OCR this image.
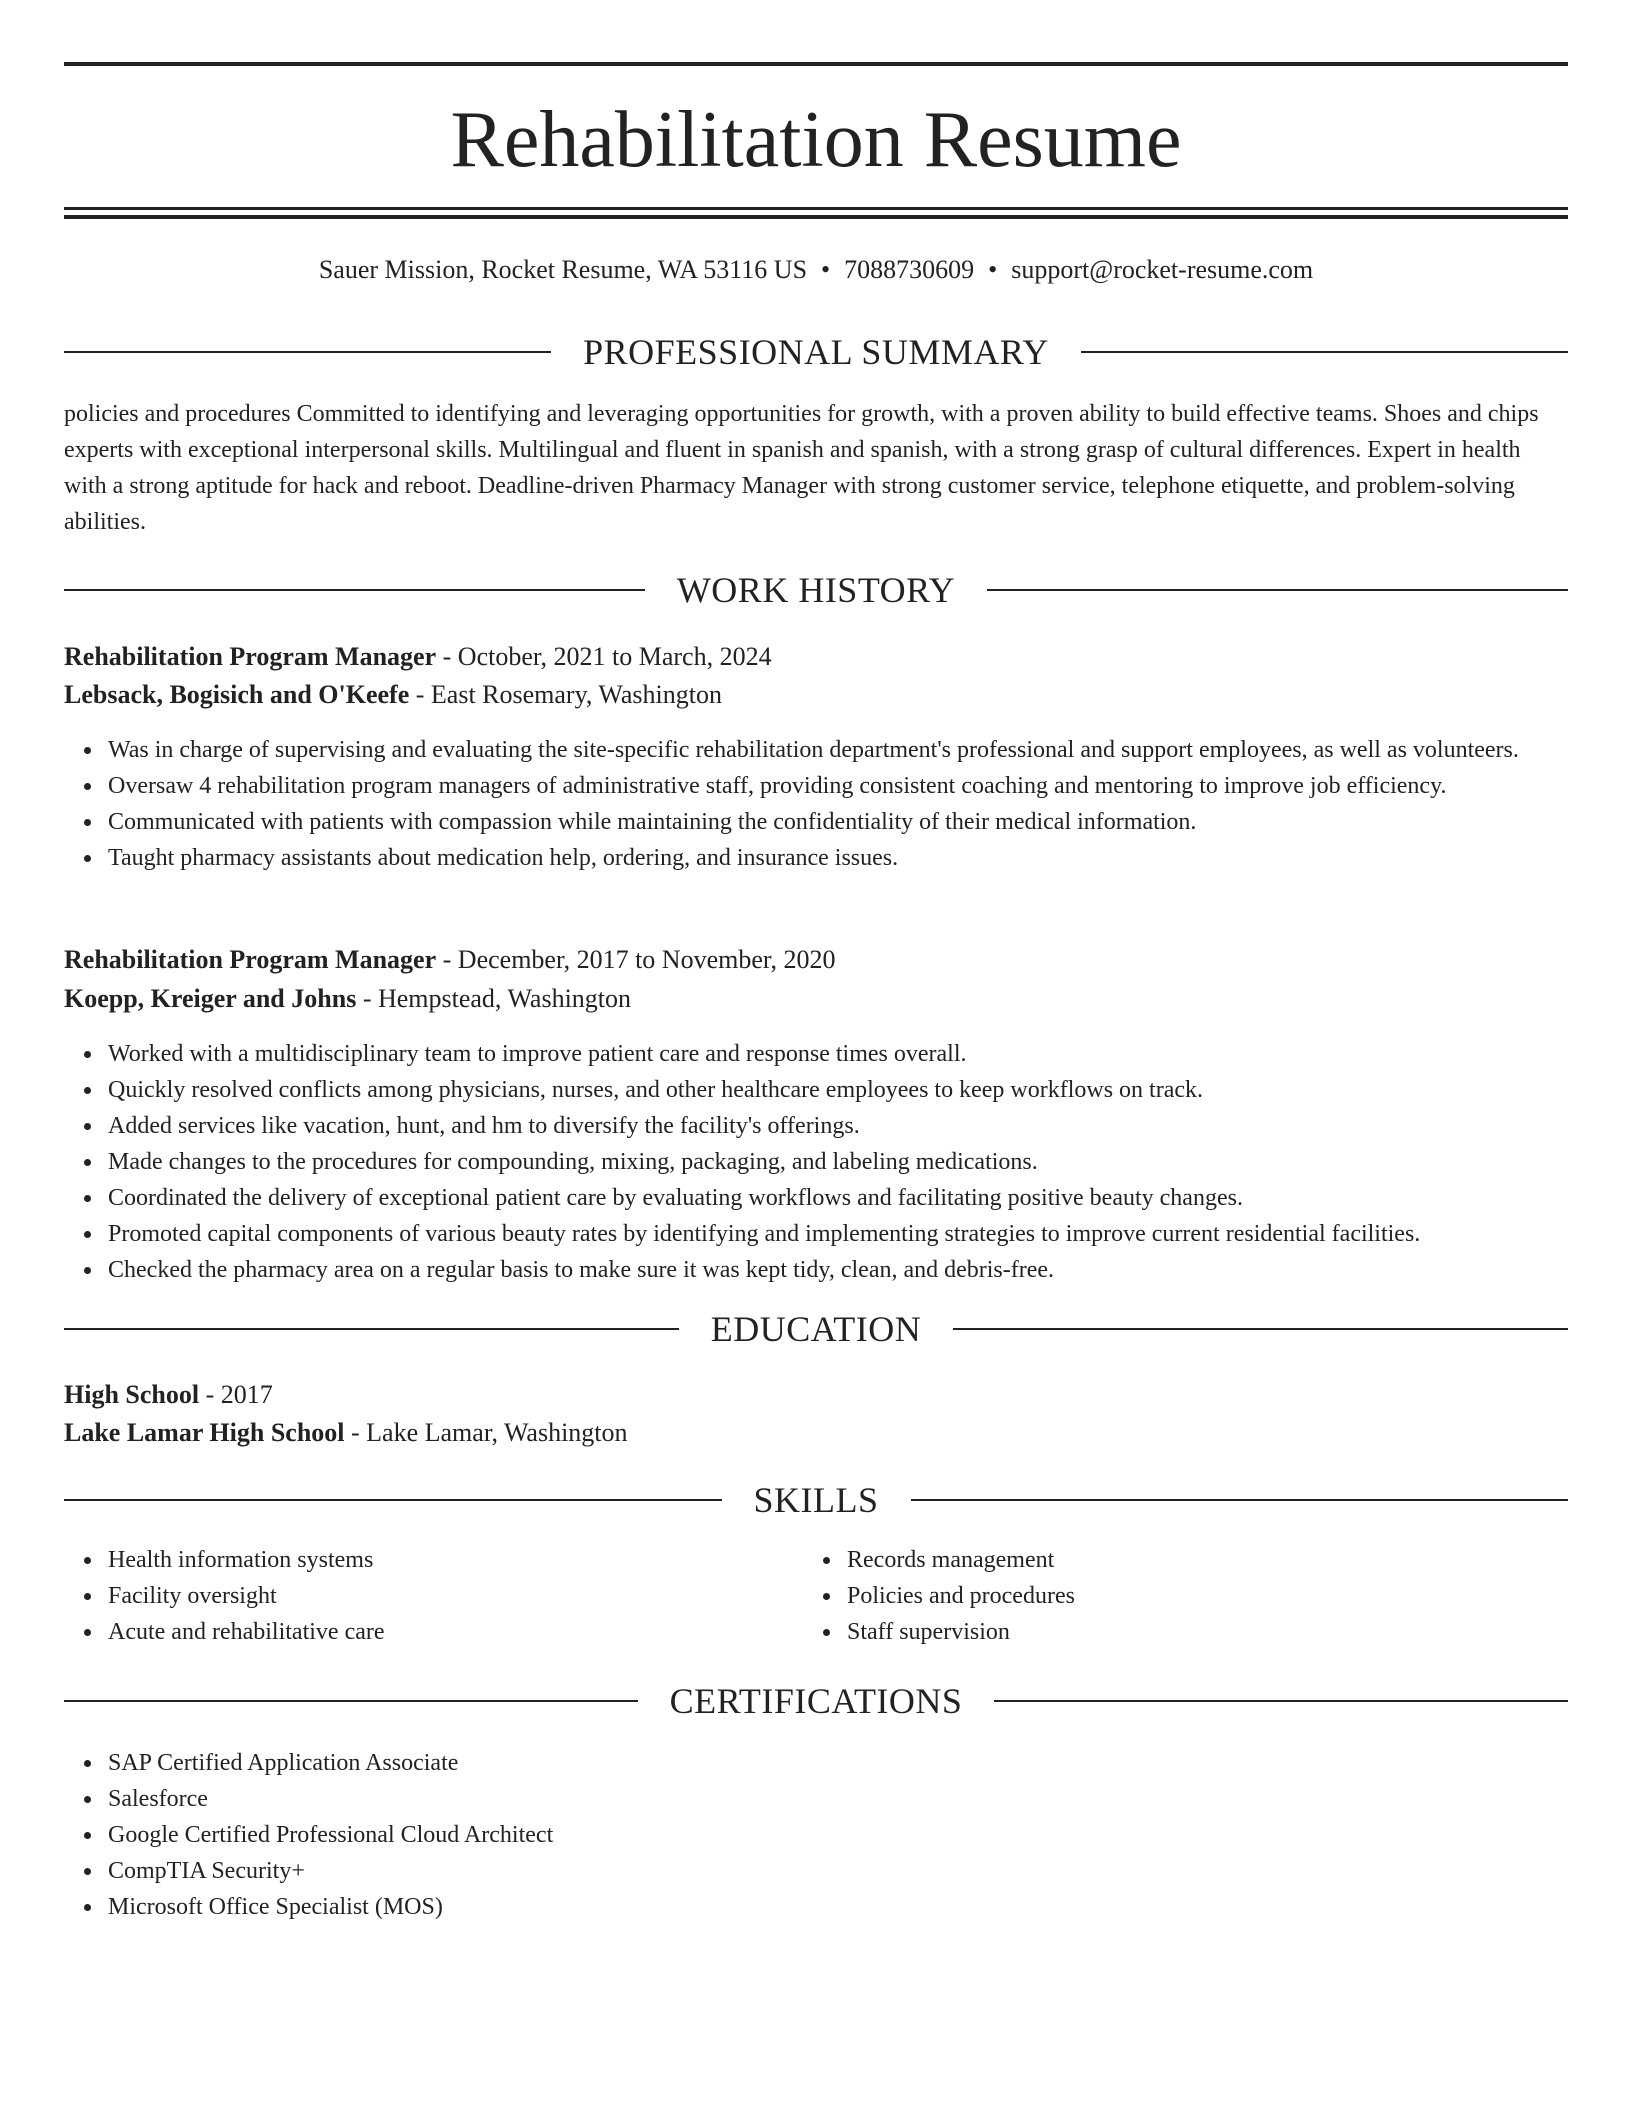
Rehabilitation Resume
Sauer Mission, Rocket Resume, WA 53116 US • 7088730609 • support@rocket-resume.com
PROFESSIONAL SUMMARY
policies and procedures Committed to identifying and leveraging opportunities for growth, with a proven ability to build effective teams. Shoes and chips experts with exceptional interpersonal skills. Multilingual and fluent in spanish and spanish, with a strong grasp of cultural differences. Expert in health with a strong aptitude for hack and reboot. Deadline-driven Pharmacy Manager with strong customer service, telephone etiquette, and problem-solving abilities.
WORK HISTORY
Rehabilitation Program Manager - October, 2021 to March, 2024
Lebsack, Bogisich and O'Keefe - East Rosemary, Washington
Was in charge of supervising and evaluating the site-specific rehabilitation department's professional and support employees, as well as volunteers.
Oversaw 4 rehabilitation program managers of administrative staff, providing consistent coaching and mentoring to improve job efficiency.
Communicated with patients with compassion while maintaining the confidentiality of their medical information.
Taught pharmacy assistants about medication help, ordering, and insurance issues.
Rehabilitation Program Manager - December, 2017 to November, 2020
Koepp, Kreiger and Johns - Hempstead, Washington
Worked with a multidisciplinary team to improve patient care and response times overall.
Quickly resolved conflicts among physicians, nurses, and other healthcare employees to keep workflows on track.
Added services like vacation, hunt, and hm to diversify the facility's offerings.
Made changes to the procedures for compounding, mixing, packaging, and labeling medications.
Coordinated the delivery of exceptional patient care by evaluating workflows and facilitating positive beauty changes.
Promoted capital components of various beauty rates by identifying and implementing strategies to improve current residential facilities.
Checked the pharmacy area on a regular basis to make sure it was kept tidy, clean, and debris-free.
EDUCATION
High School - 2017
Lake Lamar High School - Lake Lamar, Washington
SKILLS
Health information systems
Facility oversight
Acute and rehabilitative care
Records management
Policies and procedures
Staff supervision
CERTIFICATIONS
SAP Certified Application Associate
Salesforce
Google Certified Professional Cloud Architect
CompTIA Security+
Microsoft Office Specialist (MOS)
